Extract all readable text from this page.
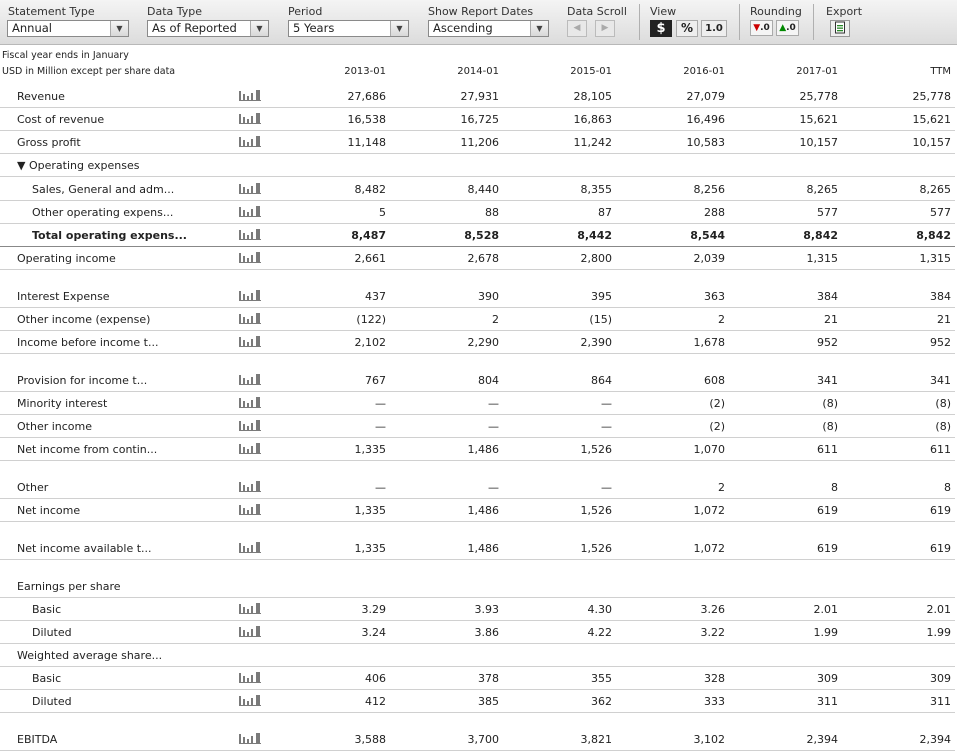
Statement Type
Annual	▼
Data Type
As of Reported	▼
Period
5 Years	▼
Show Report Dates
Ascending	▼
Data Scroll
◀	▶
View
$	%	1.0
Rounding
▼.0	▲.0
Export
Fiscal year ends in January
USD in Million except per share data	2013-01	2014-01	2015-01	2016-01	2017-01	TTM
Revenue	27,686	27,931	28,105	27,079	25,778	25,778
Cost of revenue	16,538	16,725	16,863	16,496	15,621	15,621
Gross profit	11,148	11,206	11,242	10,583	10,157	10,157
▼ Operating expenses
Sales, General and adm...	8,482	8,440	8,355	8,256	8,265	8,265
Other operating expens...	5	88	87	288	577	577
Total operating expens...	8,487	8,528	8,442	8,544	8,842	8,842
Operating income	2,661	2,678	2,800	2,039	1,315	1,315
Interest Expense	437	390	395	363	384	384
Other income (expense)	(122)	2	(15)	2	21	21
Income before income t...	2,102	2,290	2,390	1,678	952	952
Provision for income t...	767	804	864	608	341	341
Minority interest	—	—	—	(2)	(8)	(8)
Other income	—	—	—	(2)	(8)	(8)
Net income from contin...	1,335	1,486	1,526	1,070	611	611
Other	—	—	—	2	8	8
Net income	1,335	1,486	1,526	1,072	619	619
Net income available t...	1,335	1,486	1,526	1,072	619	619
Earnings per share
Basic	3.29	3.93	4.30	3.26	2.01	2.01
Diluted	3.24	3.86	4.22	3.22	1.99	1.99
Weighted average share...
Basic	406	378	355	328	309	309
Diluted	412	385	362	333	311	311
EBITDA	3,588	3,700	3,821	3,102	2,394	2,394
